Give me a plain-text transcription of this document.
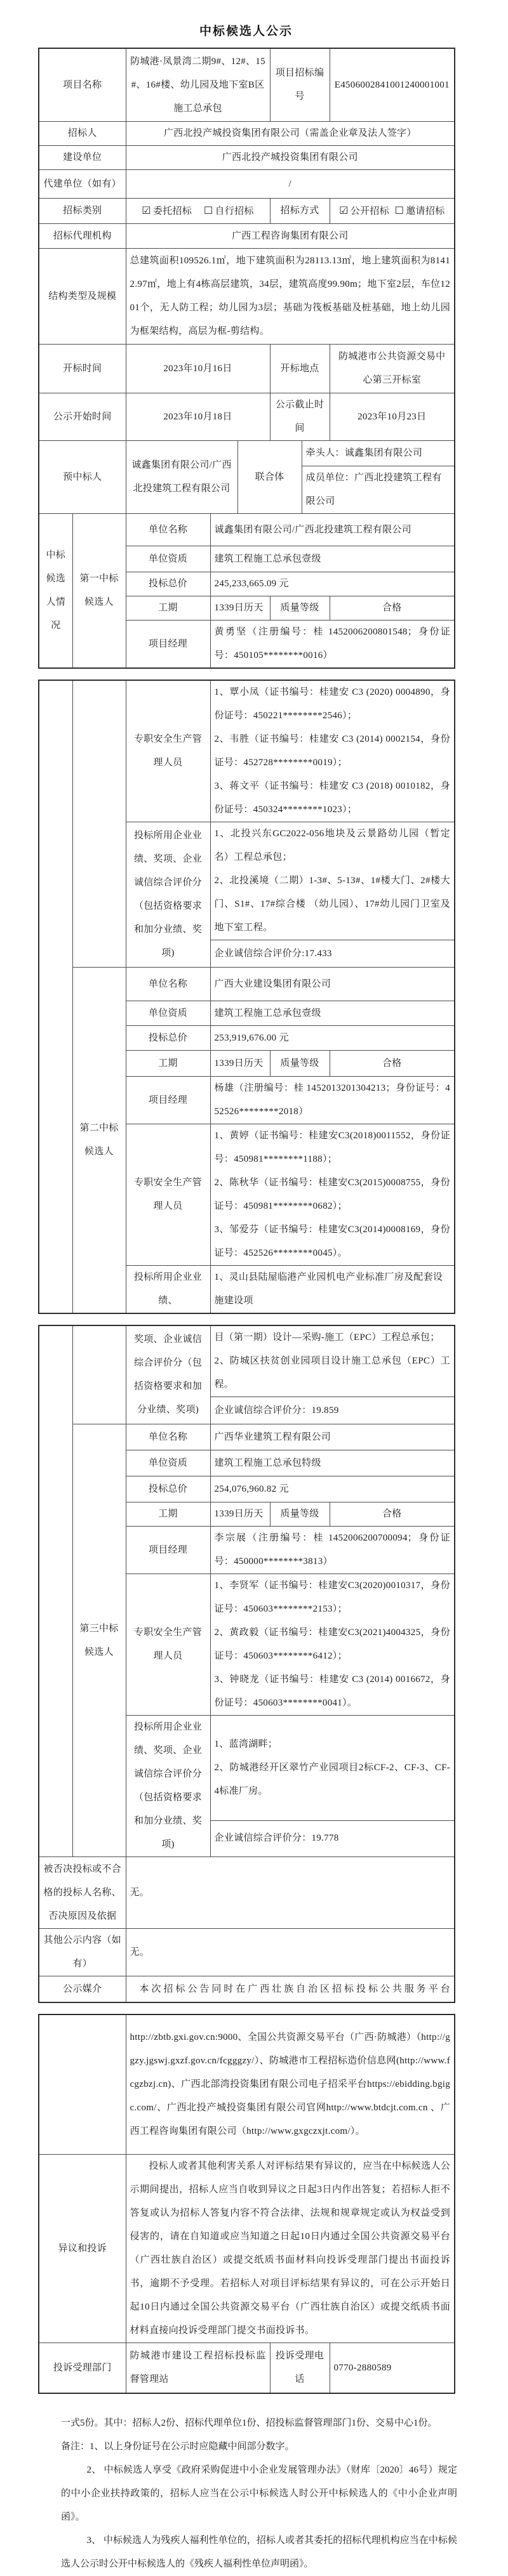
中标候选人公示
项目名称		防城港·凤景湾二期9#、12#、15#、16#楼、幼儿园及地下室B区施工总承包			项目招标编号		E4506002841001240001001
招标人		广西北投产城投资集团有限公司（需盖企业章及法人签字）					
建设单位		广西北投产城投资集团有限公司					
代建单位（如有）		/					
招标类别		☑ 委托招标 ☐ 自行招标			招标方式		☑ 公开招标 ☐ 邀请招标

招标代理机构		广西工程咨询集团有限公司					
结构类型及规模		总建筑面积109526.1㎡，地下建筑面积为28113.13㎡，地上建筑面积为81412.97㎡，地上有4栋高层建筑，34层，建筑高度99.90m；地下室2层，车位1201个，无人防工程；幼儿园为3层；基础为筏板基础及桩基础，地上幼儿园为框架结构，高层为框-剪结构。					
开标时间		2023年10月16日			开标地点		防城港市公共资源交易中心第三开标室
公示开始时间		2023年10月18日			公示截止时间		2023年10月23日
预中标人		诚鑫集团有限公司/广西北投建筑工程有限公司		联合体		牵头人：诚鑫集团有限公司	
						成员单位：广西北投建筑工程有限公司	
中标候选人情况	第一中标候选人	单位名称	诚鑫集团有限公司/广西北投建筑工程有限公司				
		单位资质	建筑工程施工总承包壹级				
		投标总价	245,233,665.09 元				
		工期	1339日历天		质量等级		合格
		项目经理	黄勇坚（注册编号：桂 1452006200801548；身份证号：450105********0016）				
		专职安全生产管理人员	1、覃小凤（证书编号：桂建安 C3 (2020) 0004890，身份证号：450221********2546）；
2、韦胜（证书编号：桂建安 C3 (2014) 0002154，身份证号：452728********0019）；
3、蒋文平（证书编号：桂建安 C3 (2018) 0010182，身份证号：450324********1023）；		

		投标所用企业业绩、奖项、企业诚信综合评价分（包括资格要求和加分业绩、奖项)	1、北投兴东GC2022-056地块及云景路幼儿园（暂定名）工程总承包；
2、北投溪境（二期）1-3#、5-13#、1#楼大门、2#楼大门、S1#、17#综合楼 （幼儿园）、17#幼儿园门卫室及地下室工程。		

			企业诚信综合评价分:17.433		
	第二中标候选人	单位名称	广西大业建设集团有限公司		
		单位资质	建筑工程施工总承包壹级		
		投标总价	253,919,676.00 元		
		工期	1339日历天	质量等级	合格
		项目经理	杨雄（注册编号：桂 1452013201304213；身份证号：452526********2018）		
		专职安全生产管理人员	1、黄婷（证书编号：桂建安C3(2018)0011552，身份证号：450981********1188）；
2、陈秋华（证书编号：桂建安C3(2015)0008755，身份证号：450981********0682）；
3、邹爱芬（证书编号：桂建安C3(2014)0008169，身份证号：452526********0045）。		

		投标所用企业业绩、	1、灵山县陆屋临港产业园机电产业标准厂房及配套设施建设项		
		奖项、企业诚信综合评价分（包括资格要求和加分业绩、奖项)	目（第一期）设计—采购-施工（EPC）工程总承包；
2、防城区扶贫创业园项目设计施工总承包（EPC）工程。		

			企业诚信综合评价分：19.859		
	第三中标候选人	单位名称	广西华业建筑工程有限公司		
		单位资质	建筑工程施工总承包特级		
		投标总价	254,076,960.82 元		
		工期	1339日历天	质量等级	合格
		项目经理	李宗展（注册编号：桂 1452006200700094；身份证号：450000********3813）		
		专职安全生产管理人员	1、李贤军（证书编号：桂建安C3(2020)0010317，身份证号：450603********2153）；
2、黄政毅（证书编号：桂建安C3(2021)4004325，身份证号：450603********6412）；
3、钟晓龙（证书编号：桂建安 C3 (2014) 0016672，身份证号：450603********0041）。		

		投标所用企业业绩、奖项、企业诚信综合评价分（包括资格要求和加分业绩、奖项)	1、蓝湾湖畔；
2、防城港经开区翠竹产业园项目2标CF-2、CF-3、CF-4标准厂房。		

			企业诚信综合评价分：19.778		
被否决投标或不合格的投标人名称、否决原因及依据		无。			
其他公示内容（如有）		无。			
公示媒介		本次招标公告同时在广西壮族自治区招标投标公共服务平台			
	http://zbtb.gxi.gov.cn:9000、全国公共资源交易平台（广西·防城港）（http://ggzy.jgswj.gxzf.gov.cn/fcgggzy/）、防城港市工程招标造价信息网(http://www.fcgzbzj.cn)、广西北部湾投资集团有限公司电子招采平台https://ebidding.bgigc.com/、广西北投产城投资集团有限公司官网http://www.btdcjt.com.cn 、广西工程咨询集团有限公司（http://www.gxgczxjt.com/）。		
异议和投诉	投标人或者其他利害关系人对评标结果有异议的，应当在中标候选人公示期间提出，招标人应当自收到异议之日起3日内作出答复；若招标人拒不答复或认为招标人答复内容不符合法律、法规和规章规定或认为权益受到侵害的，请在自知道或应当知道之日起10日内通过全国公共资源交易平台（广西壮族自治区）或提交纸质书面材料向投诉受理部门提出书面投诉书，逾期不予受理。若招标人对项目评标结果有异议的，可在公示开始日起10日内通过全国公共资源交易平台（广西壮族自治区）或提交纸质书面材料直接向投诉受理部门提交书面投诉书。		

投诉受理部门	防城港市建设工程招标投标监督管理站	投诉受理电话	0770-2880589

一式5份。其中：招标人2份、招标代理单位1份、招投标监督管理部门1份、交易中心1份。

备注：1、以上身份证号在公示时应隐藏中间部分数字。

2、 中标候选人享受《政府采购促进中小企业发展管理办法》（财库〔2020〕46号）规定的中小企业扶持政策的，招标人应当在公示中标候选人时公开中标候选人的《中小企业声明函》。

3、 中标候选人为残疾人福利性单位的，招标人或者其委托的招标代理机构应当在中标候选人公示时公开中标候选人的《残疾人福利性单位声明函》。
